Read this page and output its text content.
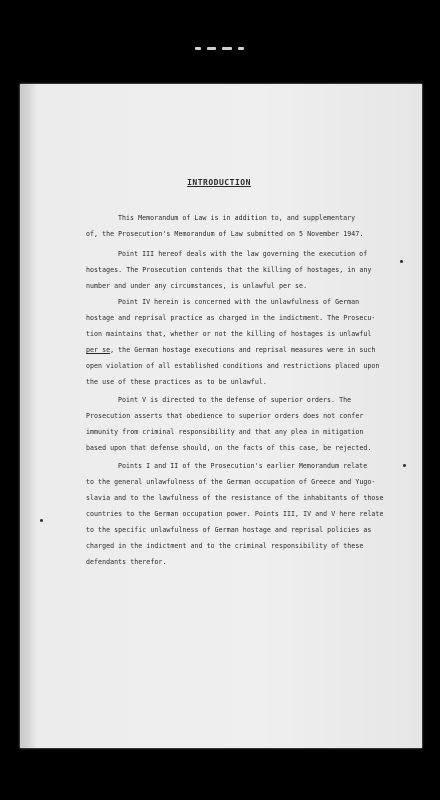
INTRODUCTION
This Memorandum of Law is in addition to, and supplementary
of, the Prosecution's Memorandum of Law submitted on 5 November 1947.
Point III hereof deals with the law governing the execution of
hostages. The Prosecution contends that the killing of hostages, in any
number and under any circumstances, is unlawful per se.
Point IV herein is concerned with the unlawfulness of German
hostage and reprisal practice as charged in the indictment. The Prosecu-
tion maintains that, whether or not the killing of hostages is unlawful
per se, the German hostage executions and reprisal measures were in such
open violation of all established conditions and restrictions placed upon
the use of these practices as to be unlawful.
Point V is directed to the defense of superior orders. The
Prosecution asserts that obedience to superior orders does not confer
immunity from criminal responsibility and that any plea in mitigation
based upon that defense should, on the facts of this case, be rejected.
Points I and II of the Prosecution's earlier Memorandum relate
to the general unlawfulness of the German occupation of Greece and Yugo-
slavia and to the lawfulness of the resistance of the inhabitants of those
countries to the German occupation power. Points III, IV and V here relate
to the specific unlawfulness of German hostage and reprisal policies as
charged in the indictment and to the criminal responsibility of these
defendants therefor.
